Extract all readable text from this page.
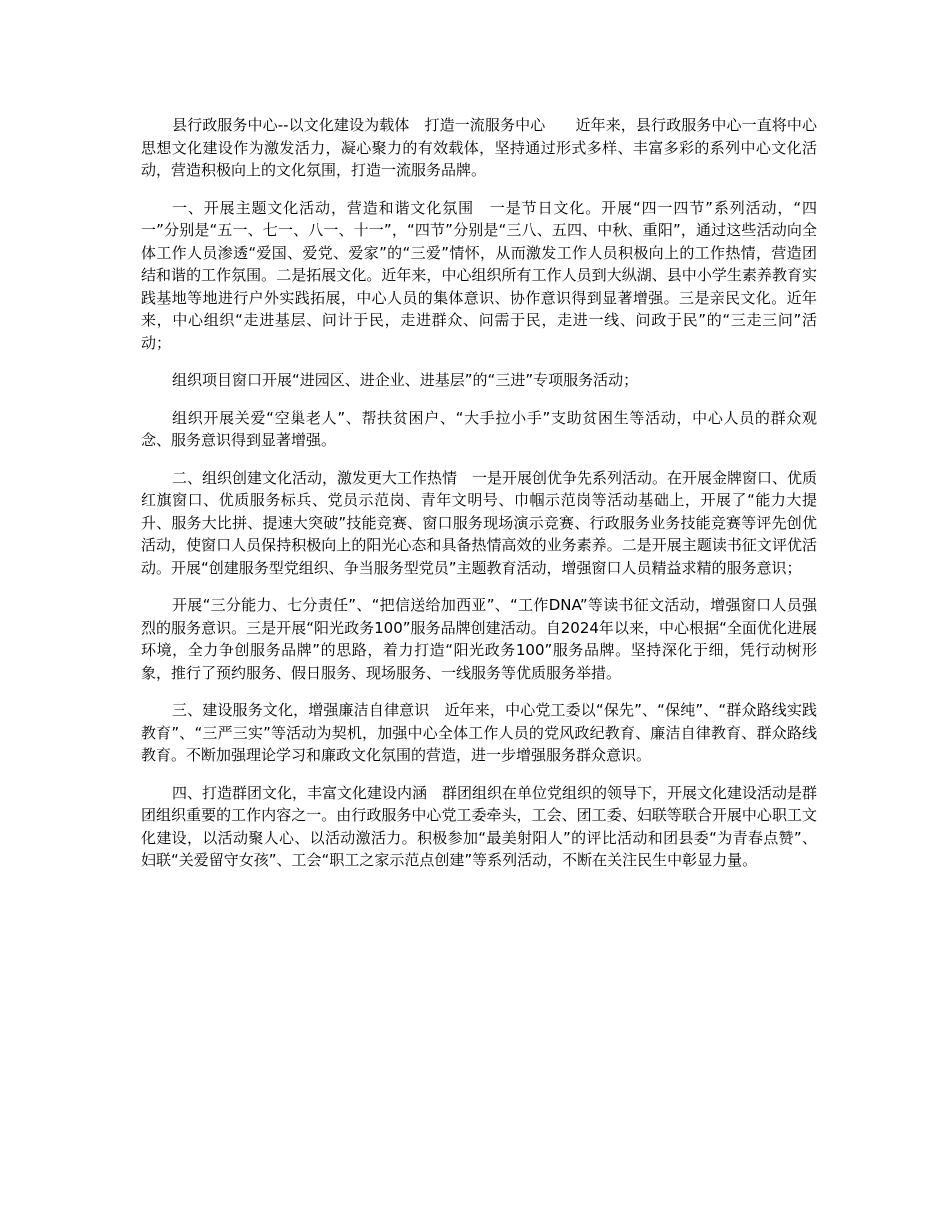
县行政服务中心--以文化建设为载体　打造一流服务中心　　近年来，县行政服务中心一直将中心思想文化建设作为激发活力，凝心聚力的有效载体，坚持通过形式多样、丰富多彩的系列中心文化活动，营造积极向上的文化氛围，打造一流服务品牌。

一、开展主题文化活动，营造和谐文化氛围　一是节日文化。开展“四一四节”系列活动，“四一”分别是“五一、七一、八一、十一”，“四节”分别是“三八、五四、中秋、重阳”，通过这些活动向全体工作人员渗透“爱国、爱党、爱家”的“三爱”情怀，从而激发工作人员积极向上的工作热情，营造团结和谐的工作氛围。二是拓展文化。近年来，中心组织所有工作人员到大纵湖、县中小学生素养教育实践基地等地进行户外实践拓展，中心人员的集体意识、协作意识得到显著增强。三是亲民文化。近年来，中心组织“走进基层、问计于民，走进群众、问需于民，走进一线、问政于民”的“三走三问”活动；

组织项目窗口开展“进园区、进企业、进基层”的“三进”专项服务活动；

组织开展关爱“空巢老人”、帮扶贫困户、“大手拉小手”支助贫困生等活动，中心人员的群众观念、服务意识得到显著增强。

二、组织创建文化活动，激发更大工作热情　一是开展创优争先系列活动。在开展金牌窗口、优质红旗窗口、优质服务标兵、党员示范岗、青年文明号、巾帼示范岗等活动基础上，开展了“能力大提升、服务大比拼、提速大突破”技能竞赛、窗口服务现场演示竞赛、行政服务业务技能竞赛等评先创优活动，使窗口人员保持积极向上的阳光心态和具备热情高效的业务素养。二是开展主题读书征文评优活动。开展“创建服务型党组织、争当服务型党员”主题教育活动，增强窗口人员精益求精的服务意识；

开展“三分能力、七分责任”、“把信送给加西亚”、“工作DNA”等读书征文活动，增强窗口人员强烈的服务意识。三是开展“阳光政务100”服务品牌创建活动。自2024年以来，中心根据“全面优化进展环境，全力争创服务品牌”的思路，着力打造“阳光政务100”服务品牌。坚持深化于细，凭行动树形象，推行了预约服务、假日服务、现场服务、一线服务等优质服务举措。

三、建设服务文化，增强廉洁自律意识　近年来，中心党工委以“保先”、“保纯”、“群众路线实践教育”、“三严三实”等活动为契机，加强中心全体工作人员的党风政纪教育、廉洁自律教育、群众路线教育。不断加强理论学习和廉政文化氛围的营造，进一步增强服务群众意识。

四、打造群团文化，丰富文化建设内涵　群团组织在单位党组织的领导下，开展文化建设活动是群团组织重要的工作内容之一。由行政服务中心党工委牵头，工会、团工委、妇联等联合开展中心职工文化建设，以活动聚人心、以活动激活力。积极参加“最美射阳人”的评比活动和团县委“为青春点赞”、妇联“关爱留守女孩”、工会“职工之家示范点创建”等系列活动，不断在关注民生中彰显力量。
